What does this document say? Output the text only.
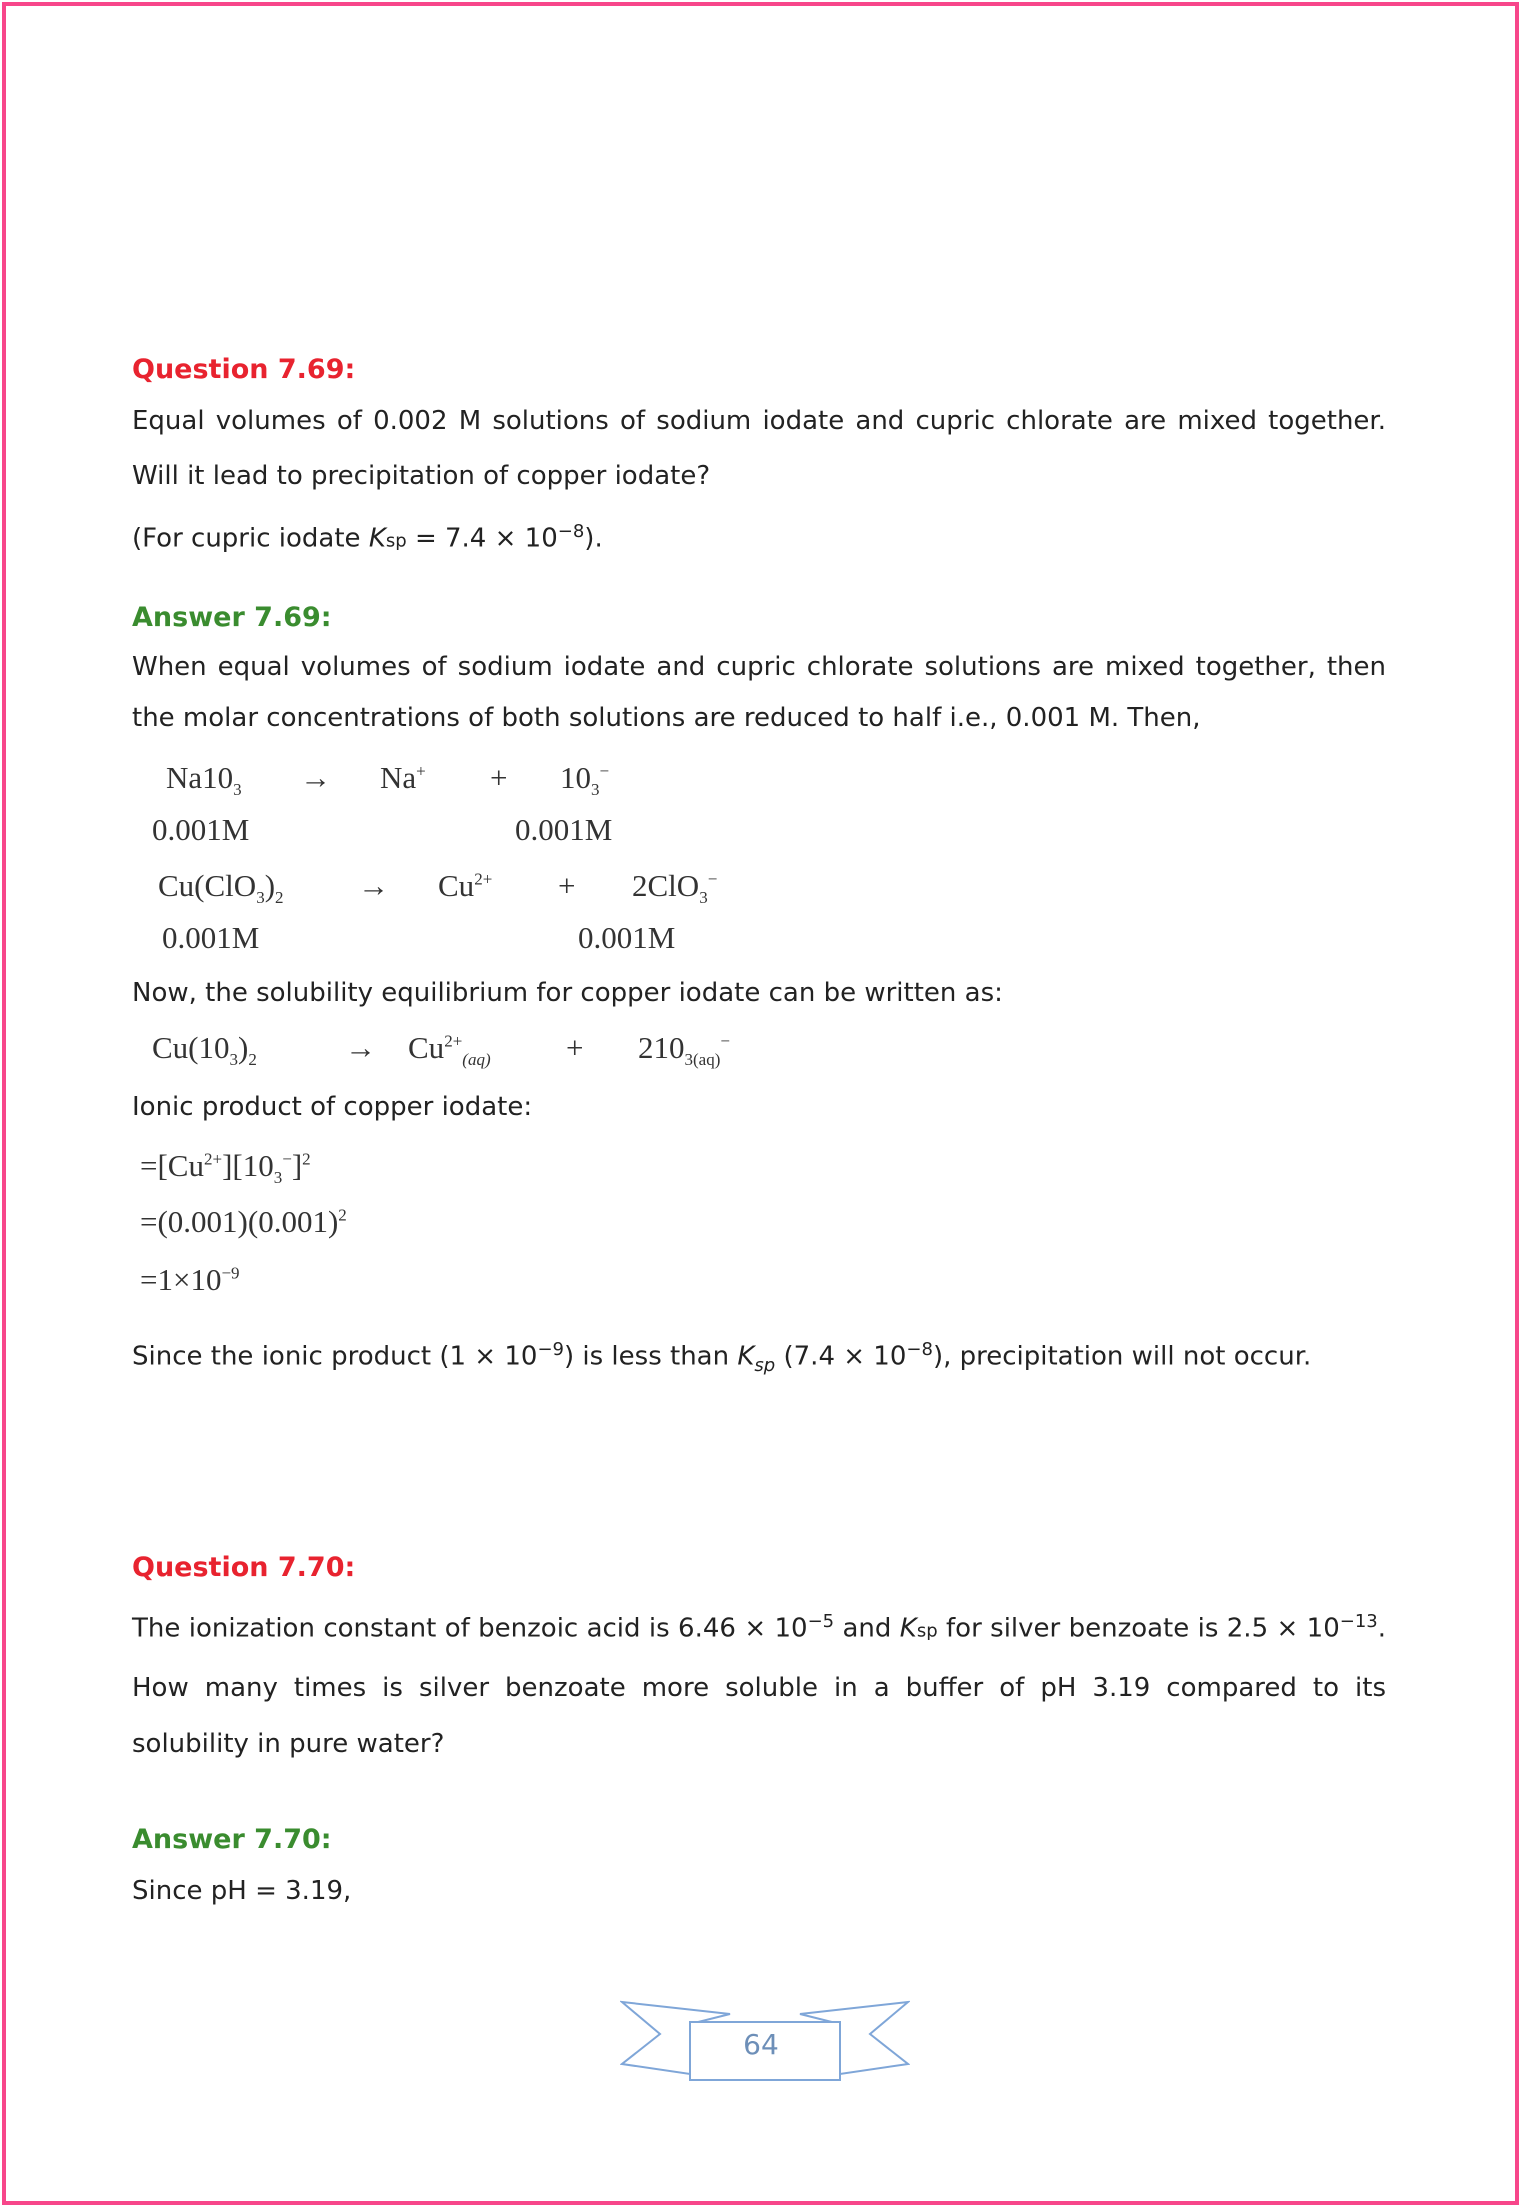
Question 7.69:
Equal volumes of 0.002 M solutions of sodium iodate and cupric chlorate are mixed together. Will it lead to precipitation of copper iodate?
(For cupric iodate Ksp = $7.4 \times 10^{-8}$).
Answer 7.69:
When equal volumes of sodium iodate and cupric chlorate solutions are mixed together, then the molar concentrations of both solutions are reduced to half i.e., 0.001 M. Then,
$Na10_3 \to Na^+ + 10_3^-$
0.001M	0.001M
$Cu(ClO_3)_2 \to Cu^{2+} + 2ClO_3^-$
0.001M	0.001M
Now, the solubility equilibrium for copper iodate can be written as:
$Cu(10_3)_2$	→ $Cu^{2+}_{(aq)} + 210_{3(aq)}^-$
Ionic product of copper iodate:
$=[Cu^{2+}][10_3^-]^2$
$=(0.001)(0.001)^2$
$=1\times 10^{-9}$
Since the ionic product $(1 \times 10^{-9})$ is less than $K_{sp}$ $(7.4 \times 10^{-8})$, precipitation will not occur.
Question 7.70:
The ionization constant of benzoic acid is $6.46 \times 10^{-5}$ and Ksp for silver benzoate is $2.5 \times 10^{-13}$. How many times is silver benzoate more soluble in a buffer of pH 3.19 compared to its solubility in pure water?
Answer 7.70:
Since pH = 3.19,
64
